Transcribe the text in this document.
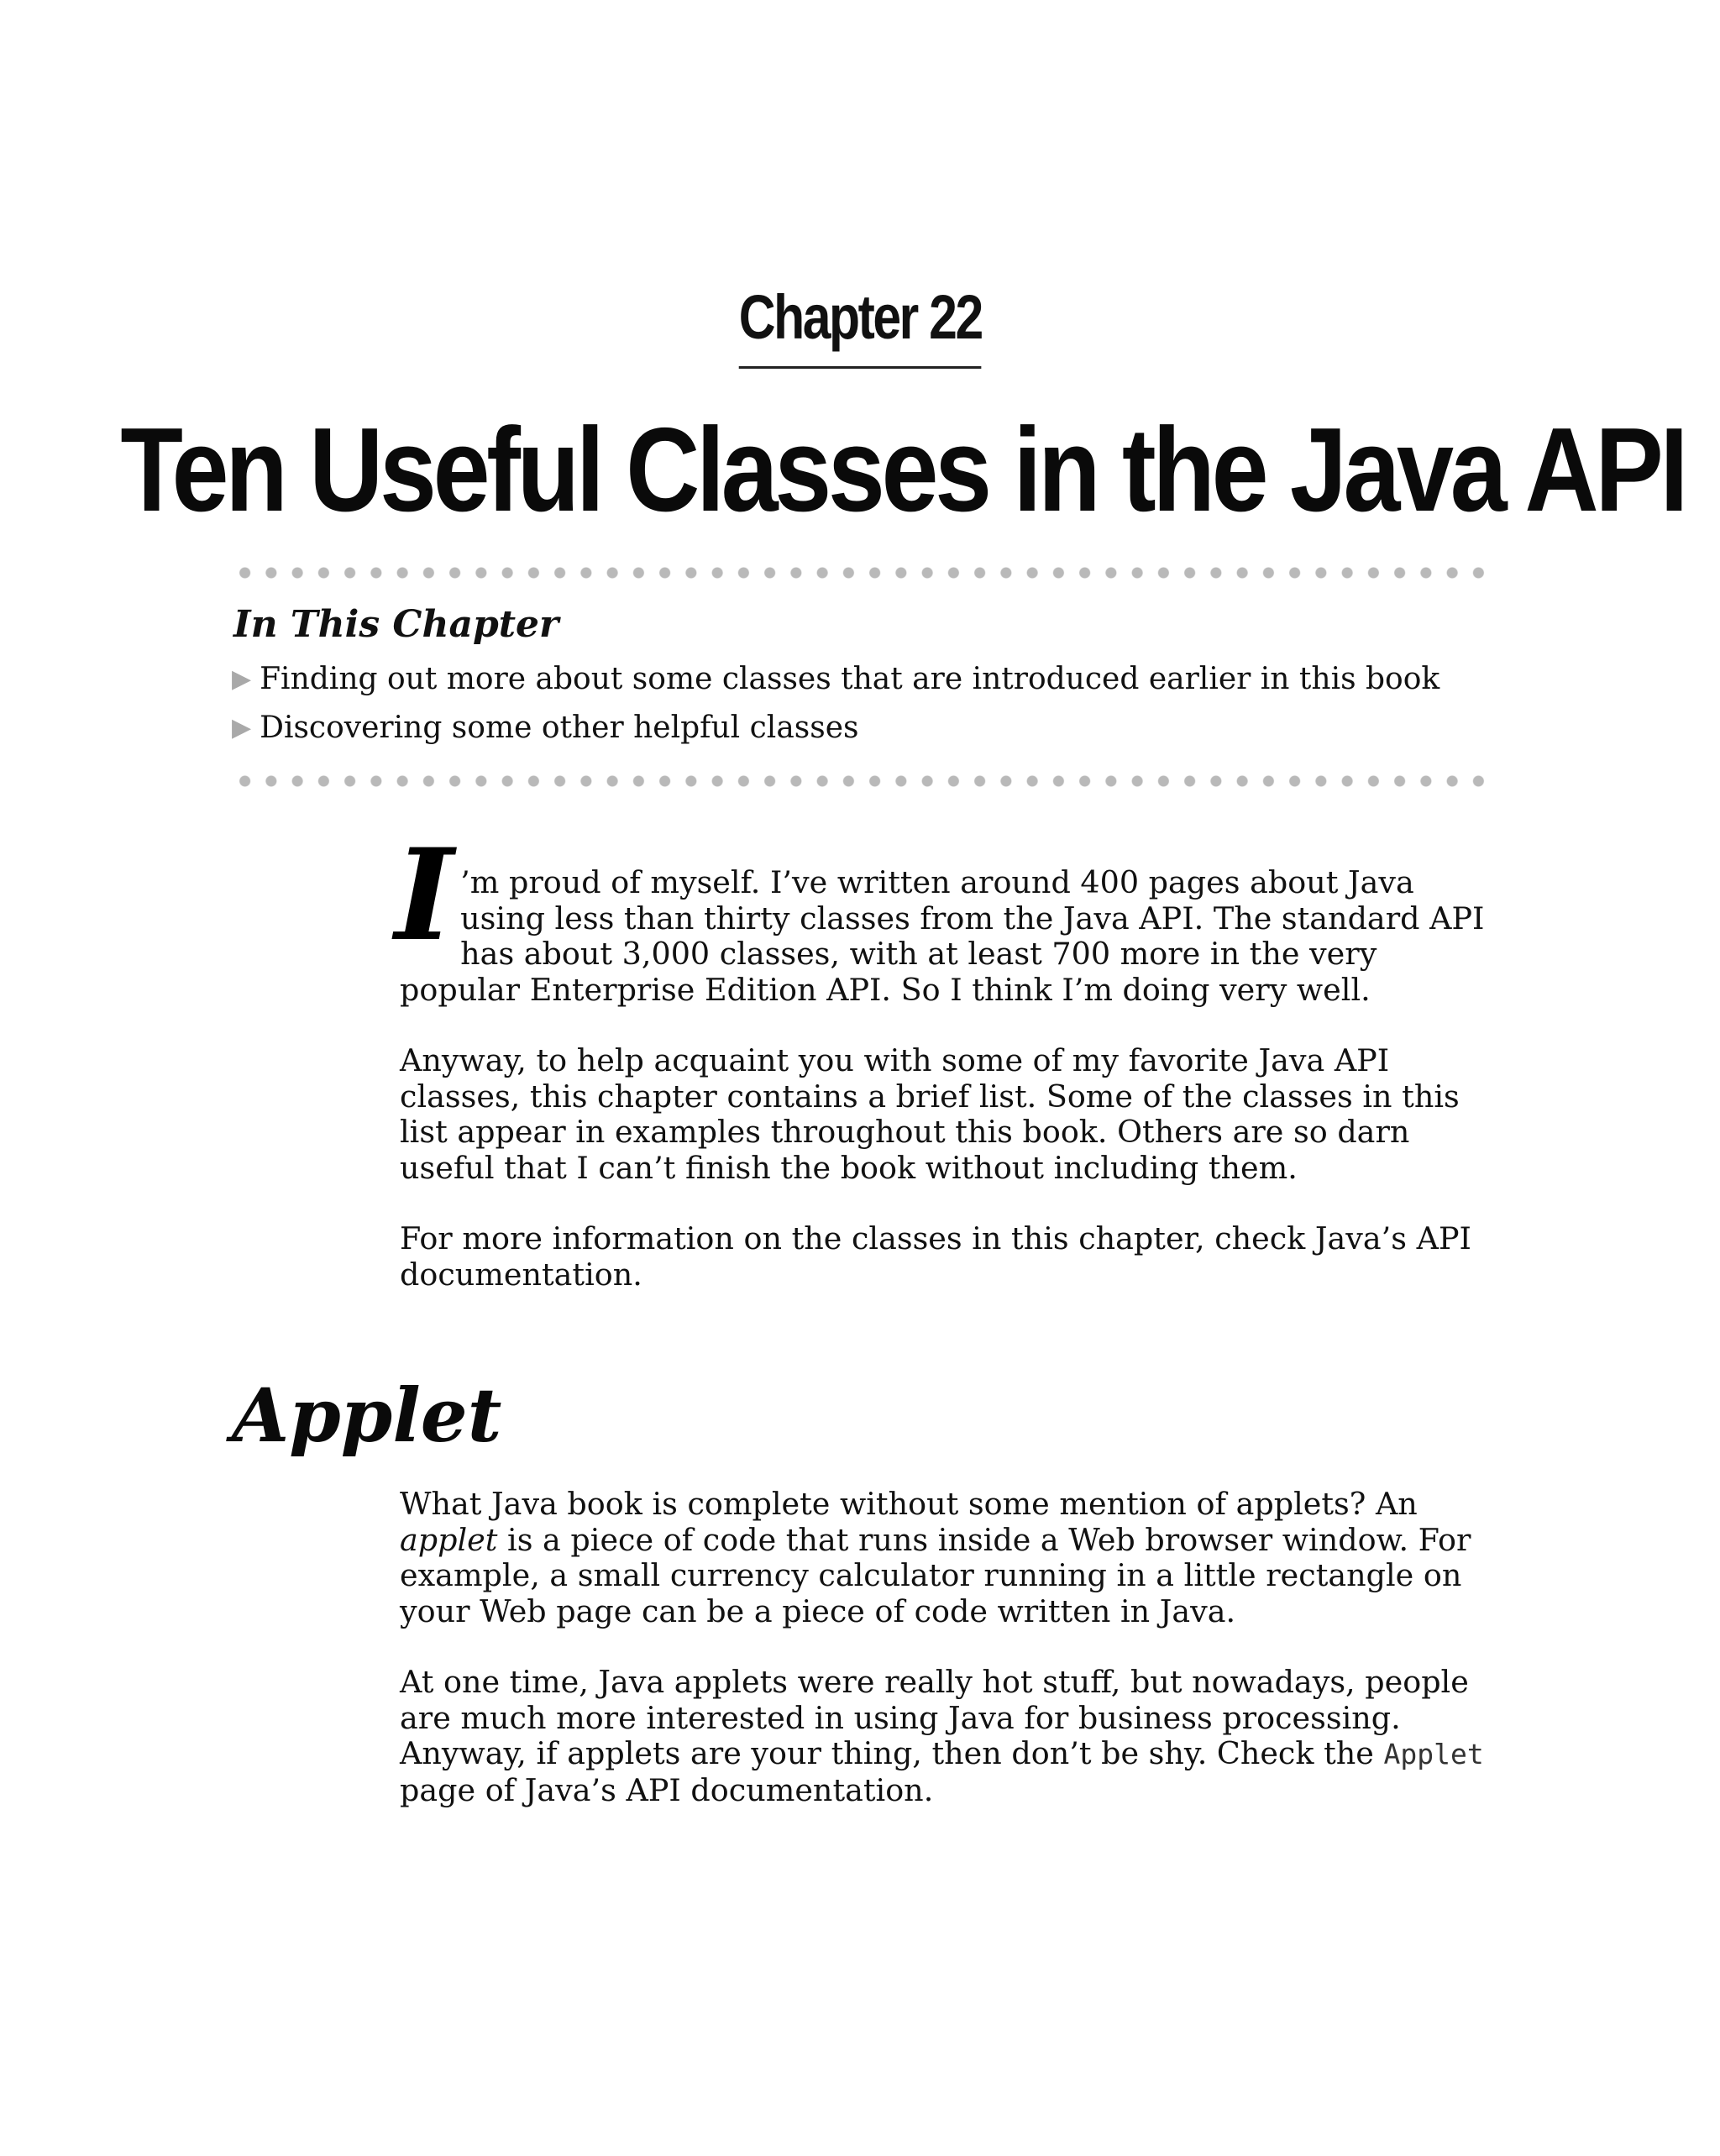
Chapter 22
Ten Useful Classes in the Java API
In This Chapter
▶ Finding out more about some classes that are introduced earlier in this book
▶ Discovering some other helpful classes

I ’m proud of myself. I’ve written around 400 pages about Java using less than thirty classes from the Java API. The standard API has about 3,000 classes, with at least 700 more in the very popular Enterprise Edition API. So I think I’m doing very well.

Anyway, to help acquaint you with some of my favorite Java API classes, this chapter contains a brief list. Some of the classes in this list appear in examples throughout this book. Others are so darn useful that I can’t finish the book without including them.

For more information on the classes in this chapter, check Java’s API documentation.

Applet

What Java book is complete without some mention of applets? An applet is a piece of code that runs inside a Web browser window. For example, a small currency calculator running in a little rectangle on your Web page can be a piece of code written in Java.

At one time, Java applets were really hot stuff, but nowadays, people are much more interested in using Java for business processing. Anyway, if applets are your thing, then don’t be shy. Check the Applet page of Java’s API documentation.
